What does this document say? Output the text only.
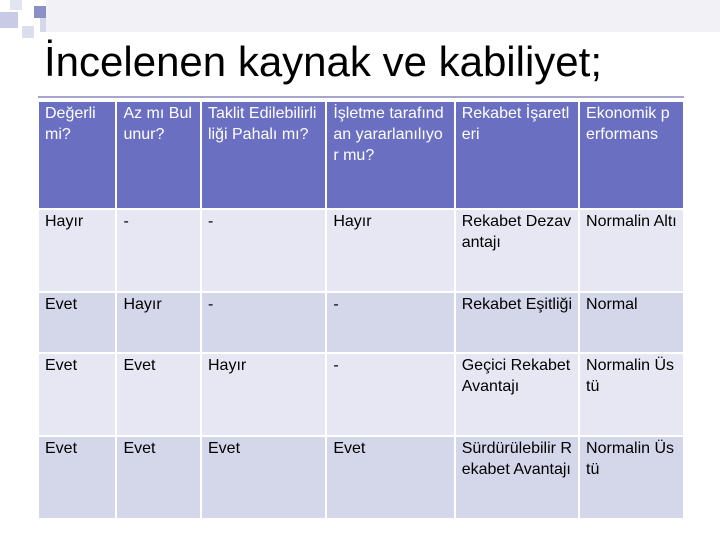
İncelenen kaynak ve kabiliyet;
Değerli mi?	Az mı Bulunur?	Taklit Edilebilirliliği Pahalı mı?	İşletme tarafından yararlanılıyor mu?	Rekabet İşaretleri	Ekonomik performans
Hayır	-	-	Hayır	Rekabet Dezavantajı	Normalin Altı
Evet	Hayır	-	-	Rekabet Eşitliği	Normal
Evet	Evet	Hayır	-	Geçici Rekabet Avantajı	Normalin Üstü
Evet	Evet	Evet	Evet	Sürdürülebilir Rekabet Avantajı	Normalin Üstü
